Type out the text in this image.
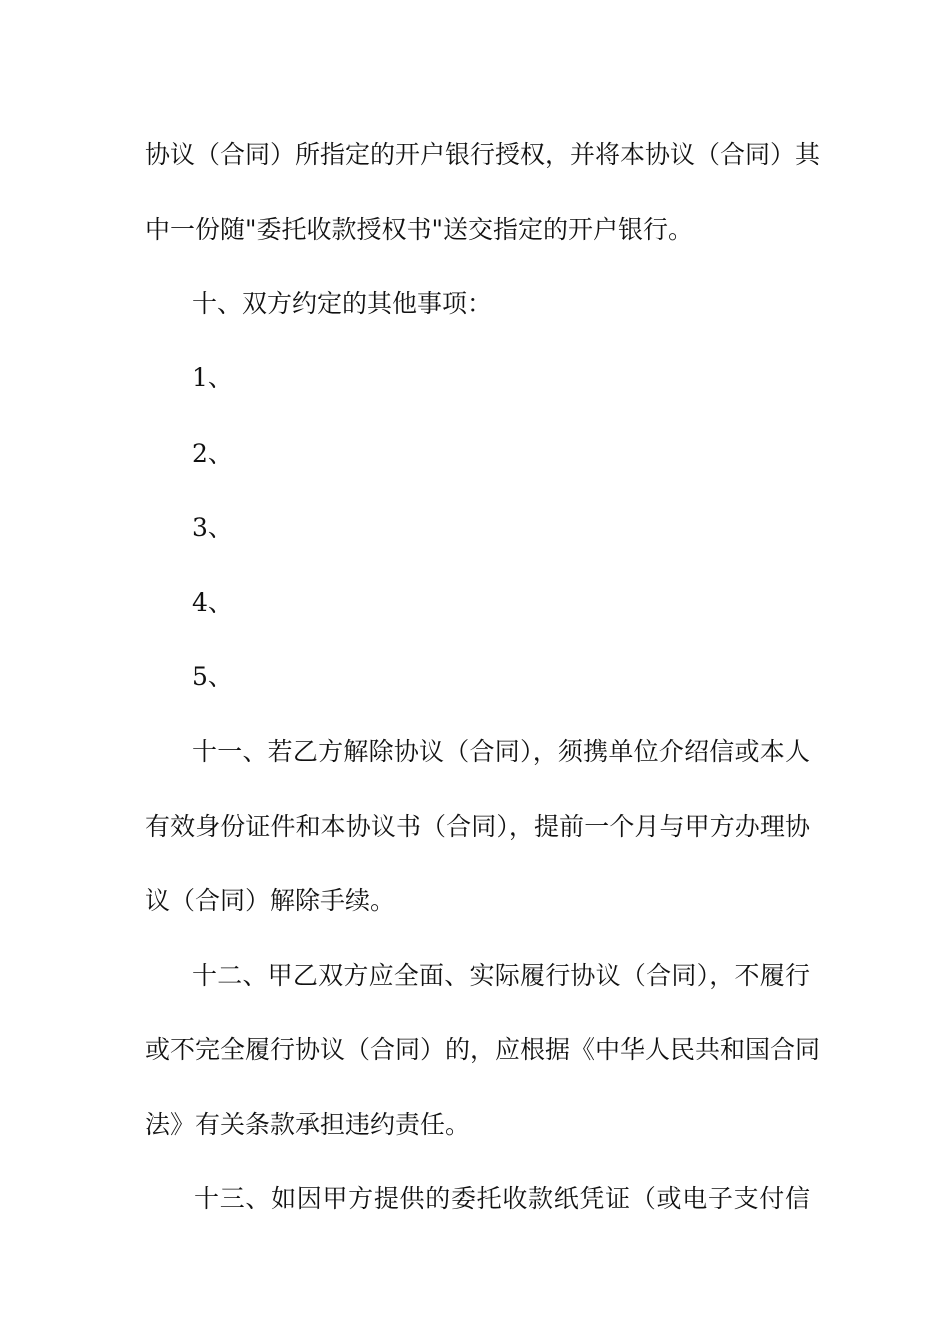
协议（合同）所指定的开户银行授权，并将本协议（合同）其
中一份随"委托收款授权书"送交指定的开户银行。
十、双方约定的其他事项：
1、
2、
3、
4、
5、
十一、若乙方解除协议（合同），须携单位介绍信或本人
有效身份证件和本协议书（合同），提前一个月与甲方办理协
议（合同）解除手续。
十二、甲乙双方应全面、实际履行协议（合同），不履行
或不完全履行协议（合同）的，应根据《中华人民共和国合同
法》有关条款承担违约责任。
十三、如因甲方提供的委托收款纸凭证（或电子支付信
